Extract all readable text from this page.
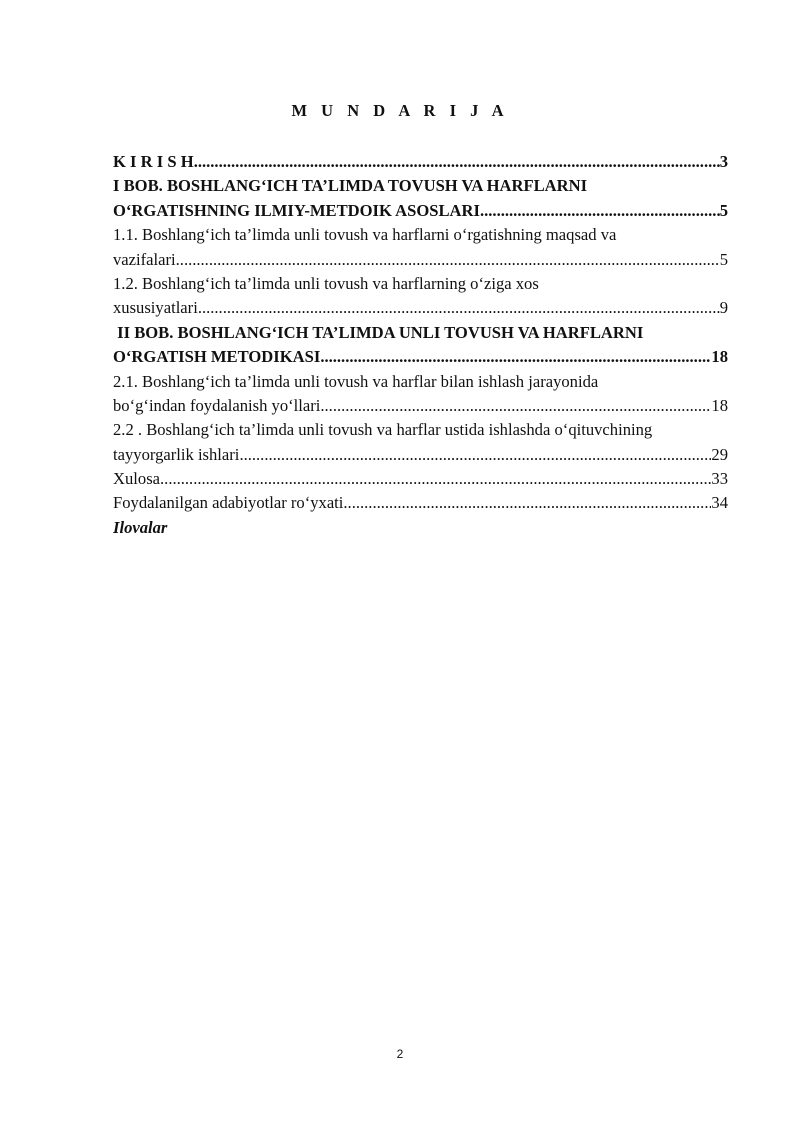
M U N D A R I J A
K I R I S H .....	3
I BOB. BOSHLANG‘ICH TA’LIMDA TOVUSH VA HARFLARNI
O‘RGATISHNING ILMIY-METDOIK ASOSLARI .....	5
1.1. Boshlang‘ich ta’limda unli tovush va harflarni o‘rgatishning maqsad va
vazifalari .....	5
1.2. Boshlang‘ich ta’limda unli tovush va harflarning o‘ziga xos
xususiyatlari .....	9
II BOB. BOSHLANG‘ICH TA’LIMDA UNLI TOVUSH VA HARFLARNI
O‘RGATISH METODIKASI .....	18
2.1. Boshlang‘ich ta’limda unli tovush va harflar bilan ishlash jarayonida
bo‘g‘indan foydalanish yo‘llari .....	18
2.2 . Boshlang‘ich ta’limda unli tovush va harflar ustida ishlashda o‘qituvchining
tayyorgarlik ishlari .....	29
Xulosa .....	33
Foydalanilgan adabiyotlar ro‘yxati .....	34
Ilovalar
2
